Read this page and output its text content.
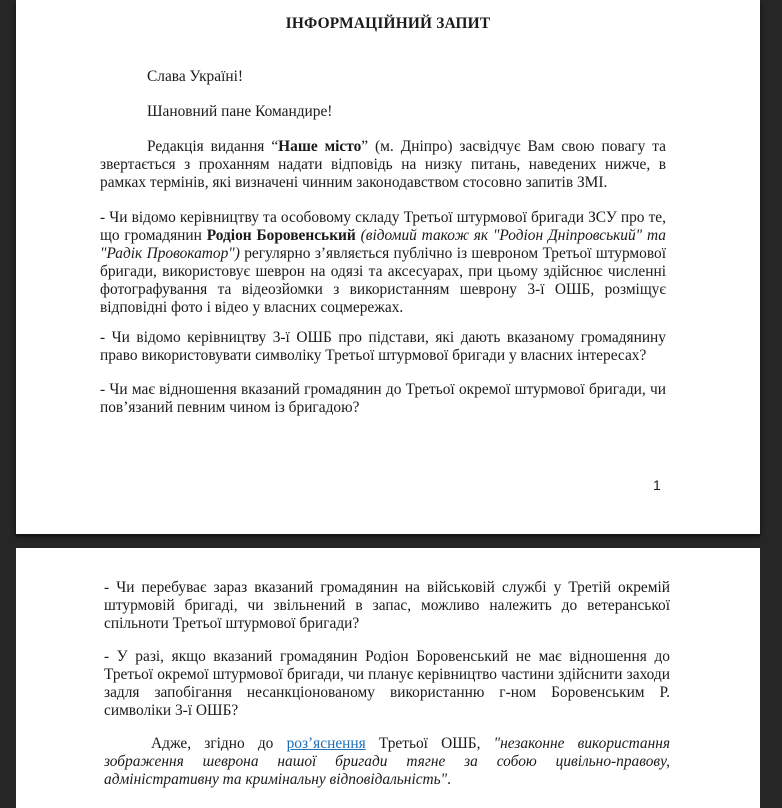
ІНФОРМАЦІЙНИЙ ЗАПИТ

Слава Україні!

Шановний пане Командире!

Редакція видання “Наше місто” (м. Дніпро) засвідчує Вам свою повагу та звертається з проханням надати відповідь на низку питань, наведених нижче, в рамках термінів, які визначені чинним законодавством стосовно запитів ЗМІ.

- Чи відомо керівництву та особовому складу Третьої штурмової бригади ЗСУ про те, що громадянин Родіон Боровенський (відомий також як "Родіон Дніпровський" та "Радік Провокатор") регулярно з’являється публічно із шевроном Третьої штурмової бригади, використовує шеврон на одязі та аксесуарах, при цьому здійснює численні фотографування та відеозйомки з використанням шеврону 3-ї ОШБ, розміщує відповідні фото і відео у власних соцмережах.

- Чи відомо керівництву 3-ї ОШБ про підстави, які дають вказаному громадянину право використовувати символіку Третьої штурмової бригади у власних інтересах?

- Чи має відношення вказаний громадянин до Третьої окремої штурмової бригади, чи пов’язаний певним чином із бригадою?

1

- Чи перебуває зараз вказаний громадянин на військовій службі у Третій окремій штурмовій бригаді, чи звільнений в запас, можливо належить до ветеранської спільноти Третьої штурмової бригади?

- У разі, якщо вказаний громадянин Родіон Боровенський не має відношення до Третьої окремої штурмової бригади, чи планує керівництво частини здійснити заходи задля запобігання несанкціонованому використанню г-ном Боровенським Р. символіки 3-ї ОШБ?

Адже, згідно до роз’яснення Третьої ОШБ, "незаконне використання зображення шеврона нашої бригади тягне за собою цивільно-правову, адміністративну та кримінальну відповідальність".
